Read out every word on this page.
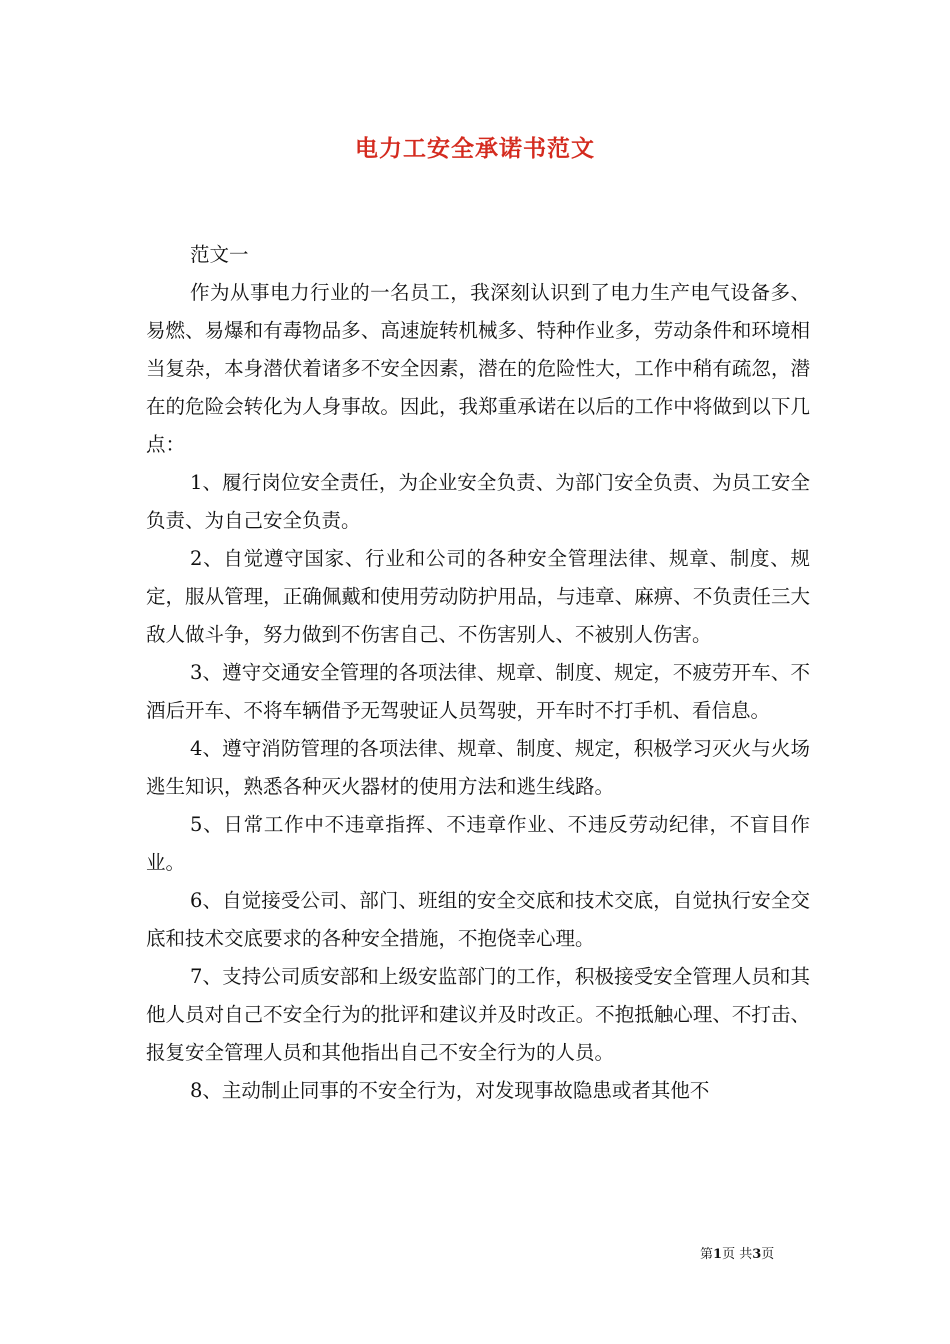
电力工安全承诺书范文

范文一

作为从事电力行业的一名员工，我深刻认识到了电力生产电气设备多、易燃、易爆和有毒物品多、高速旋转机械多、特种作业多，劳动条件和环境相当复杂，本身潜伏着诸多不安全因素，潜在的危险性大，工作中稍有疏忽，潜在的危险会转化为人身事故。因此，我郑重承诺在以后的工作中将做到以下几点：

1、履行岗位安全责任，为企业安全负责、为部门安全负责、为员工安全负责、为自己安全负责。

2、自觉遵守国家、行业和公司的各种安全管理法律、规章、制度、规定，服从管理，正确佩戴和使用劳动防护用品，与违章、麻痹、不负责任三大敌人做斗争，努力做到不伤害自己、不伤害别人、不被别人伤害。

3、遵守交通安全管理的各项法律、规章、制度、规定，不疲劳开车、不酒后开车、不将车辆借予无驾驶证人员驾驶，开车时不打手机、看信息。

4、遵守消防管理的各项法律、规章、制度、规定，积极学习灭火与火场逃生知识，熟悉各种灭火器材的使用方法和逃生线路。

5、日常工作中不违章指挥、不违章作业、不违反劳动纪律，不盲目作业。

6、自觉接受公司、部门、班组的安全交底和技术交底，自觉执行安全交底和技术交底要求的各种安全措施，不抱侥幸心理。

7、支持公司质安部和上级安监部门的工作，积极接受安全管理人员和其他人员对自己不安全行为的批评和建议并及时改正。不抱抵触心理、不打击、报复安全管理人员和其他指出自己不安全行为的人员。

8、主动制止同事的不安全行为，对发现事故隐患或者其他不

第1页 共3页
